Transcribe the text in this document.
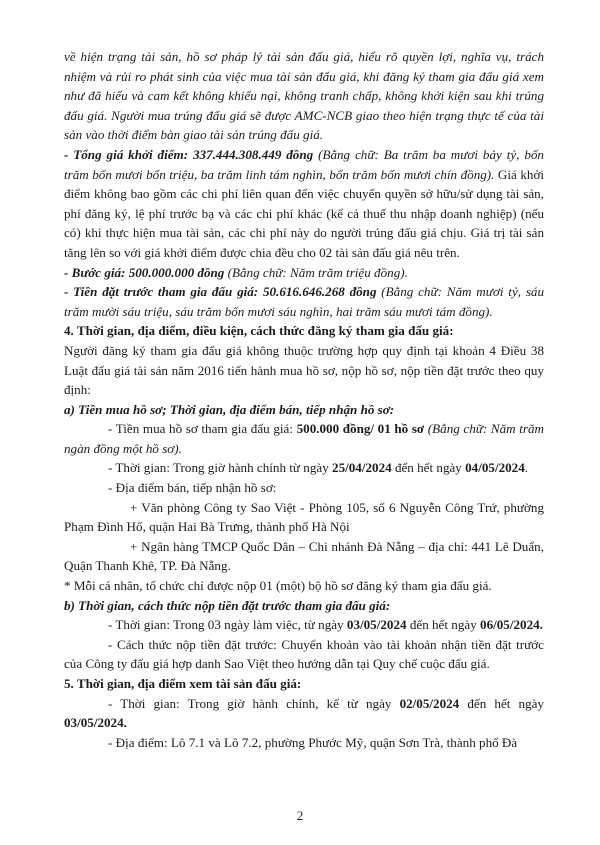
về hiện trạng tài sản, hồ sơ pháp lý tài sản đấu giá, hiểu rõ quyền lợi, nghĩa vụ, trách nhiệm và rủi ro phát sinh của việc mua tài sản đấu giá, khi đăng ký tham gia đấu giá xem như đã hiểu và cam kết không khiếu nại, không tranh chấp, không khởi kiện sau khi trúng đấu giá. Người mua trúng đấu giá sẽ được AMC-NCB giao theo hiện trạng thực tế của tài sản vào thời điểm bàn giao tài sản trúng đấu giá.

- Tổng giá khởi điểm: 337.444.308.449 đồng (Bằng chữ: Ba trăm ba mươi bảy tỷ, bốn trăm bốn mươi bốn triệu, ba trăm linh tám nghìn, bốn trăm bốn mươi chín đồng). Giá khởi điểm không bao gồm các chi phí liên quan đến việc chuyển quyền sở hữu/sử dụng tài sản, phí đăng ký, lệ phí trước bạ và các chi phí khác (kể cả thuế thu nhập doanh nghiệp) (nếu có) khi thực hiện mua tài sản, các chi phí này do người trúng đấu giá chịu. Giá trị tài sản tăng lên so với giá khởi điểm được chia đều cho 02 tài sản đấu giá nêu trên.

- Bước giá: 500.000.000 đồng (Bằng chữ: Năm trăm triệu đồng).

- Tiền đặt trước tham gia đấu giá: 50.616.646.268 đồng (Bằng chữ: Năm mươi tỷ, sáu trăm mười sáu triệu, sáu trăm bốn mươi sáu nghìn, hai trăm sáu mươi tám đồng).

4. Thời gian, địa điểm, điều kiện, cách thức đăng ký tham gia đấu giá:

Người đăng ký tham gia đấu giá không thuộc trường hợp quy định tại khoản 4 Điều 38 Luật đấu giá tài sản năm 2016 tiến hành mua hồ sơ, nộp hồ sơ, nộp tiền đặt trước theo quy định:

a) Tiền mua hồ sơ; Thời gian, địa điểm bán, tiếp nhận hồ sơ:

- Tiền mua hồ sơ tham gia đấu giá: 500.000 đồng/ 01 hồ sơ (Bằng chữ: Năm trăm ngàn đồng một hồ sơ).

- Thời gian: Trong giờ hành chính từ ngày 25/04/2024 đến hết ngày 04/05/2024.

- Địa điểm bán, tiếp nhận hồ sơ:

+ Văn phòng Công ty Sao Việt - Phòng 105, số 6 Nguyễn Công Trứ, phường Phạm Đình Hổ, quận Hai Bà Trưng, thành phố Hà Nội

+ Ngân hàng TMCP Quốc Dân – Chi nhánh Đà Nẵng – địa chỉ: 441 Lê Duẩn, Quận Thanh Khê, TP. Đà Nẵng.

* Mỗi cá nhân, tổ chức chỉ được nộp 01 (một) bộ hồ sơ đăng ký tham gia đấu giá.

b) Thời gian, cách thức nộp tiền đặt trước tham gia đấu giá:

- Thời gian: Trong 03 ngày làm việc, từ ngày 03/05/2024 đến hết ngày 06/05/2024.

- Cách thức nộp tiền đặt trước: Chuyển khoản vào tài khoản nhận tiền đặt trước của Công ty đấu giá hợp danh Sao Việt theo hướng dẫn tại Quy chế cuộc đấu giá.

5. Thời gian, địa điểm xem tài sản đấu giá:

- Thời gian: Trong giờ hành chính, kể từ ngày 02/05/2024 đến hết ngày 03/05/2024.

- Địa điểm: Lô 7.1 và Lô 7.2, phường Phước Mỹ, quận Sơn Trà, thành phố Đà

2
